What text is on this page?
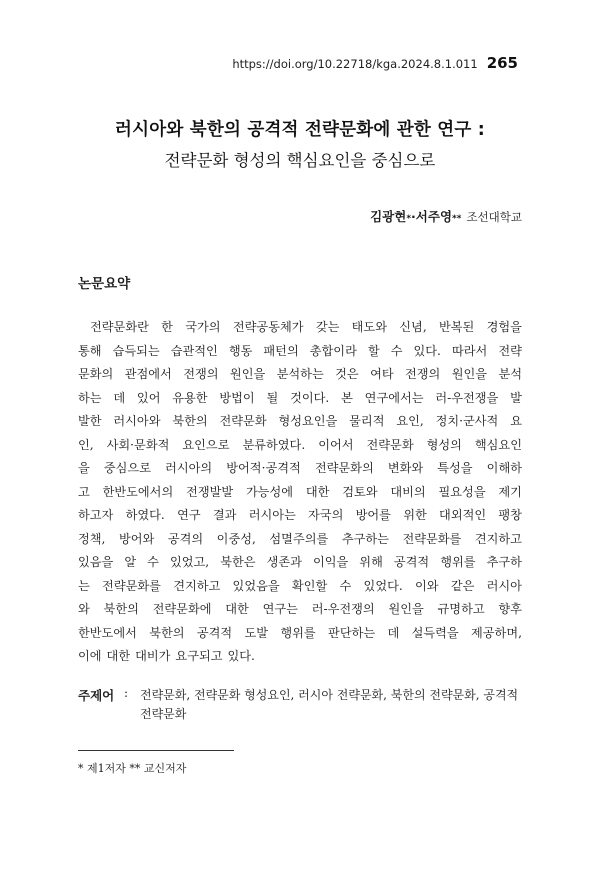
https://doi.org/10.22718/kga.2024.8.1.011 265
러시아와 북한의 공격적 전략문화에 관한 연구 :
전략문화 형성의 핵심요인을 중심으로
김광현*·서주영** 조선대학교
논문요약
전략문화란 한 국가의 전략공동체가 갖는 태도와 신념, 반복된 경험을
통해 습득되는 습관적인 행동 패턴의 총합이라 할 수 있다. 따라서 전략
문화의 관점에서 전쟁의 원인을 분석하는 것은 여타 전쟁의 원인을 분석
하는 데 있어 유용한 방법이 될 것이다. 본 연구에서는 러-우전쟁을 발
발한 러시아와 북한의 전략문화 형성요인을 물리적 요인, 정치·군사적 요
인, 사회·문화적 요인으로 분류하였다. 이어서 전략문화 형성의 핵심요인
을 중심으로 러시아의 방어적·공격적 전략문화의 변화와 특성을 이해하
고 한반도에서의 전쟁발발 가능성에 대한 검토와 대비의 필요성을 제기
하고자 하였다. 연구 결과 러시아는 자국의 방어를 위한 대외적인 팽창
정책, 방어와 공격의 이중성, 섬멸주의를 추구하는 전략문화를 견지하고
있음을 알 수 있었고, 북한은 생존과 이익을 위해 공격적 행위를 추구하
는 전략문화를 견지하고 있었음을 확인할 수 있었다. 이와 같은 러시아
와 북한의 전략문화에 대한 연구는 러-우전쟁의 원인을 규명하고 향후
한반도에서 북한의 공격적 도발 행위를 판단하는 데 설득력을 제공하며,
이에 대한 대비가 요구되고 있다.
주제어 : 전략문화, 전략문화 형성요인, 러시아 전략문화, 북한의 전략문화, 공격적 전략문화
* 제1저자 ** 교신저자
